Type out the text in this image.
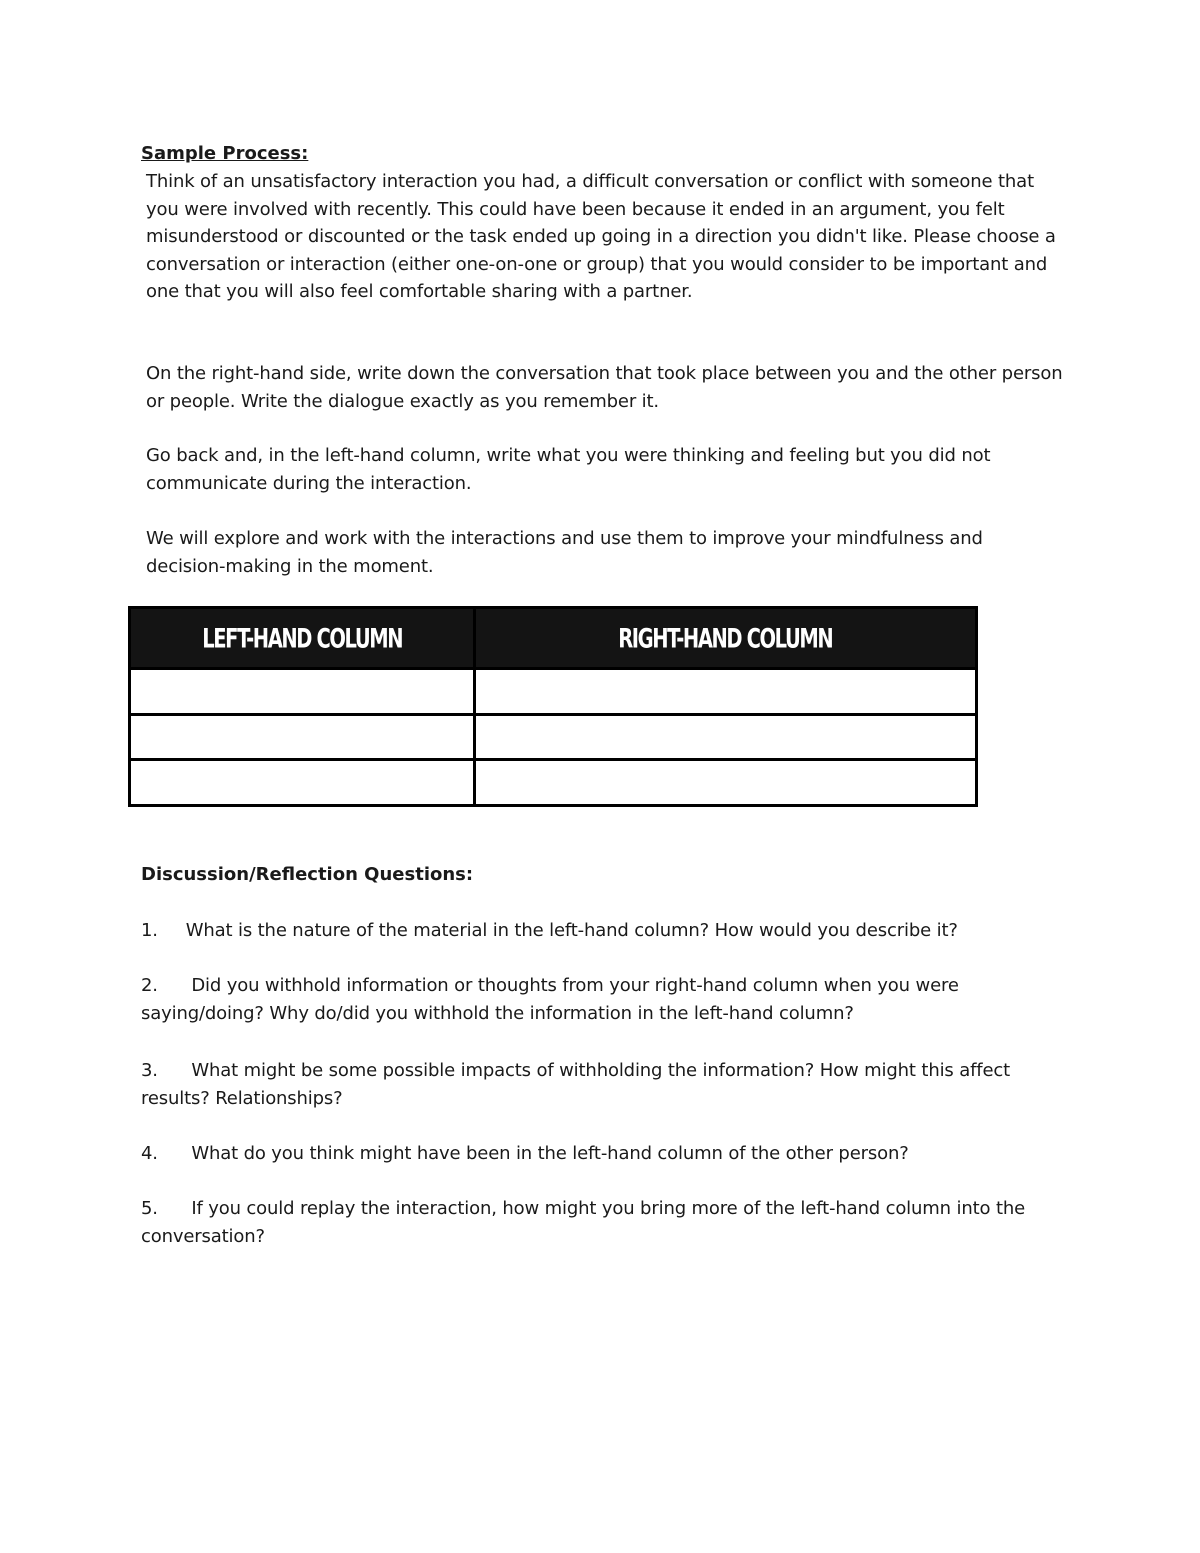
Sample Process:
Think of an unsatisfactory interaction you had, a difficult conversation or conflict with someone that you were involved with recently. This could have been because it ended in an argument, you felt misunderstood or discounted or the task ended up going in a direction you didn't like. Please choose a conversation or interaction (either one-on-one or group) that you would consider to be important and one that you will also feel comfortable sharing with a partner.
On the right-hand side, write down the conversation that took place between you and the other person or people. Write the dialogue exactly as you remember it.
Go back and, in the left-hand column, write what you were thinking and feeling but you did not communicate during the interaction.
We will explore and work with the interactions and use them to improve your mindfulness and decision-making in the moment.
LEFT-HAND COLUMN	RIGHT-HAND COLUMN

Discussion/Reflection Questions:
1. What is the nature of the material in the left-hand column? How would you describe it?
2. Did you withhold information or thoughts from your right-hand column when you were saying/doing? Why do/did you withhold the information in the left-hand column?
3. What might be some possible impacts of withholding the information? How might this affect results? Relationships?
4. What do you think might have been in the left-hand column of the other person?
5. If you could replay the interaction, how might you bring more of the left-hand column into the conversation?
